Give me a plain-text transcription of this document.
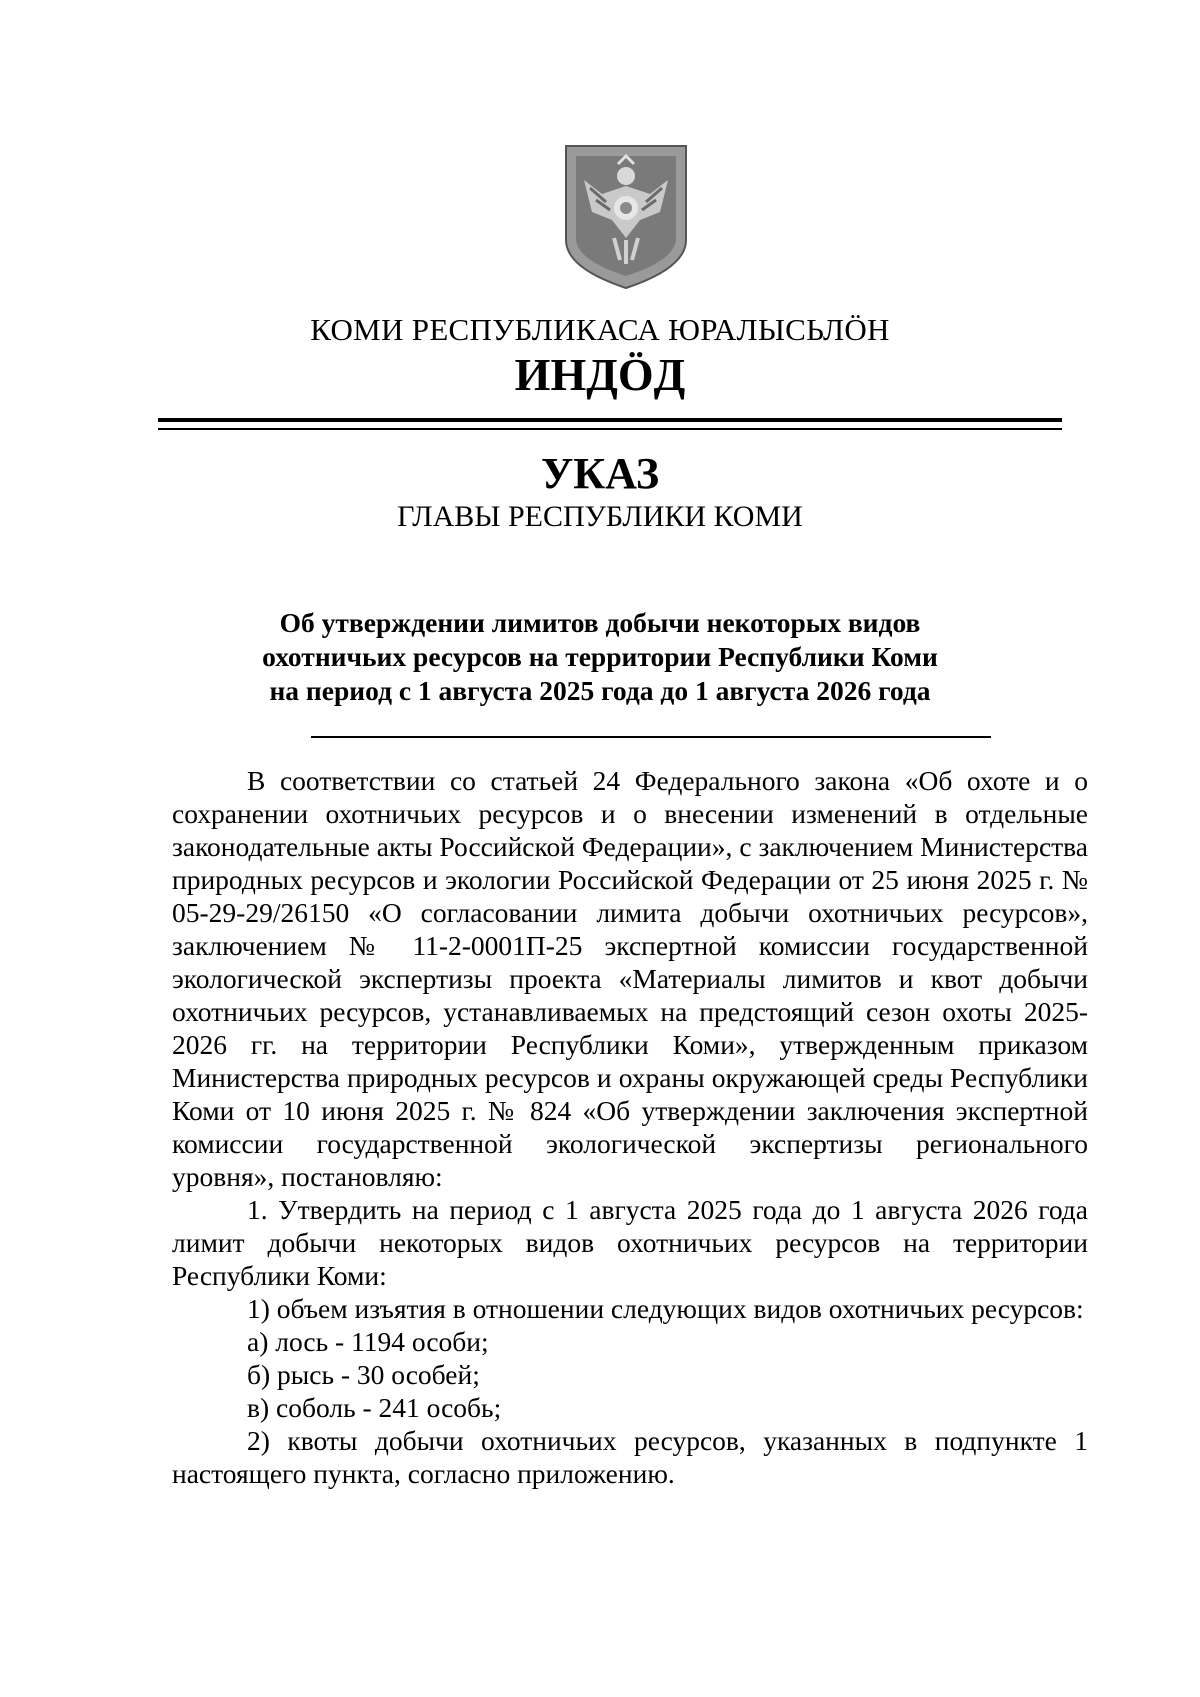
КОМИ РЕСПУБЛИКАСА ЮРАЛЫСЬЛÖН
ИНДÖД
УКАЗ
ГЛАВЫ РЕСПУБЛИКИ КОМИ
Об утверждении лимитов добычи некоторых видов
охотничьих ресурсов на территории Республики Коми
на период с 1 августа 2025 года до 1 августа 2026 года

В соответствии со статьей 24 Федерального закона «Об охоте и о сохранении охотничьих ресурсов и о внесении изменений в отдельные законодательные акты Российской Федерации», с заключением Министерства природных ресурсов и экологии Российской Федерации от 25 июня 2025 г. № 05-29-29/26150 «О согласовании лимита добычи охотничьих ресурсов», заключением № 11-2-0001П-25 экспертной комиссии государственной экологической экспертизы проекта «Материалы лимитов и квот добычи охотничьих ресурсов, устанавливаемых на предстоящий сезон охоты 2025-2026 гг. на территории Республики Коми», утвержденным приказом Министерства природных ресурсов и охраны окружающей среды Республики Коми от 10 июня 2025 г. № 824 «Об утверждении заключения экспертной комиссии государственной экологической экспертизы регионального уровня», постановляю:

1. Утвердить на период с 1 августа 2025 года до 1 августа 2026 года лимит добычи некоторых видов охотничьих ресурсов на территории Республики Коми:

1) объем изъятия в отношении следующих видов охотничьих ресурсов:

а) лось - 1194 особи;

б) рысь - 30 особей;

в) соболь - 241 особь;

2) квоты добычи охотничьих ресурсов, указанных в подпункте 1 настоящего пункта, согласно приложению.
